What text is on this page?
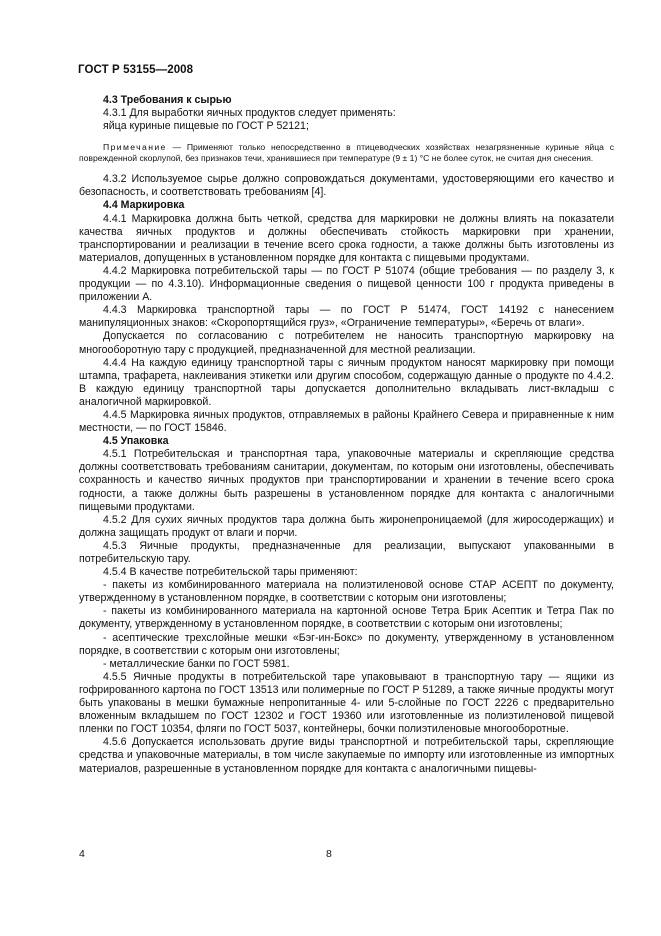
ГОСТ Р 53155—2008

4.3 Требования к сырью

4.3.1 Для выработки яичных продуктов следует применять:

яйца куриные пищевые по ГОСТ Р 52121;

Примечание — Применяют только непосредственно в птицеводческих хозяйствах незагрязненные куриные яйца с поврежденной скорлупой, без признаков течи, хранившиеся при температуре (9 ± 1) °С не более суток, не считая дня снесения.

4.3.2 Используемое сырье должно сопровождаться документами, удостоверяющими его качество и безопасность, и соответствовать требованиям [4].

4.4 Маркировка

4.4.1 Маркировка должна быть четкой, средства для маркировки не должны влиять на показатели качества яичных продуктов и должны обеспечивать стойкость маркировки при хранении, транспортировании и реализации в течение всего срока годности, а также должны быть изготовлены из материалов, допущенных в установленном порядке для контакта с пищевыми продуктами.

4.4.2 Маркировка потребительской тары — по ГОСТ Р 51074 (общие требования — по разделу 3, к продукции — по 4.3.10). Информационные сведения о пищевой ценности 100 г продукта приведены в приложении А.

4.4.3 Маркировка транспортной тары — по ГОСТ Р 51474, ГОСТ 14192 с нанесением манипуляционных знаков: «Скоропортящийся груз», «Ограничение температуры», «Беречь от влаги».

Допускается по согласованию с потребителем не наносить транспортную маркировку на многооборотную тару с продукцией, предназначенной для местной реализации.

4.4.4 На каждую единицу транспортной тары с яичным продуктом наносят маркировку при помощи штампа, трафарета, наклеивания этикетки или другим способом, содержащую данные о продукте по 4.4.2. В каждую единицу транспортной тары допускается дополнительно вкладывать лист-вкладыш с аналогичной маркировкой.

4.4.5 Маркировка яичных продуктов, отправляемых в районы Крайнего Севера и приравненные к ним местности, — по ГОСТ 15846.

4.5 Упаковка

4.5.1 Потребительская и транспортная тара, упаковочные материалы и скрепляющие средства должны соответствовать требованиям санитарии, документам, по которым они изготовлены, обеспечивать сохранность и качество яичных продуктов при транспортировании и хранении в течение всего срока годности, а также должны быть разрешены в установленном порядке для контакта с аналогичными пищевыми продуктами.

4.5.2 Для сухих яичных продуктов тара должна быть жиронепроницаемой (для жиросодержащих) и должна защищать продукт от влаги и порчи.

4.5.3 Яичные продукты, предназначенные для реализации, выпускают упакованными в потребительскую тару.

4.5.4 В качестве потребительской тары применяют:

- пакеты из комбинированного материала на полиэтиленовой основе СТАР АСЕПТ по документу, утвержденному в установленном порядке, в соответствии с которым они изготовлены;

- пакеты из комбинированного материала на картонной основе Тетра Брик Асептик и Тетра Пак по документу, утвержденному в установленном порядке, в соответствии с которым они изготовлены;

- асептические трехслойные мешки «Бэг-ин-Бокс» по документу, утвержденному в установленном порядке, в соответствии с которым они изготовлены;

- металлические банки по ГОСТ 5981.

4.5.5 Яичные продукты в потребительской таре упаковывают в транспортную тару — ящики из гофрированного картона по ГОСТ 13513 или полимерные по ГОСТ Р 51289, а также яичные продукты могут быть упакованы в мешки бумажные непропитанные 4- или 5-слойные по ГОСТ 2226 с предварительно вложенным вкладышем по ГОСТ 12302 и ГОСТ 19360 или изготовленные из полиэтиленовой пищевой пленки по ГОСТ 10354, фляги по ГОСТ 5037, контейнеры, бочки полиэтиленовые многооборотные.

4.5.6 Допускается использовать другие виды транспортной и потребительской тары, скрепляющие средства и упаковочные материалы, в том числе закупаемые по импорту или изготовленные из импортных материалов, разрешенные в установленном порядке для контакта с аналогичными пищевы-

4	8
